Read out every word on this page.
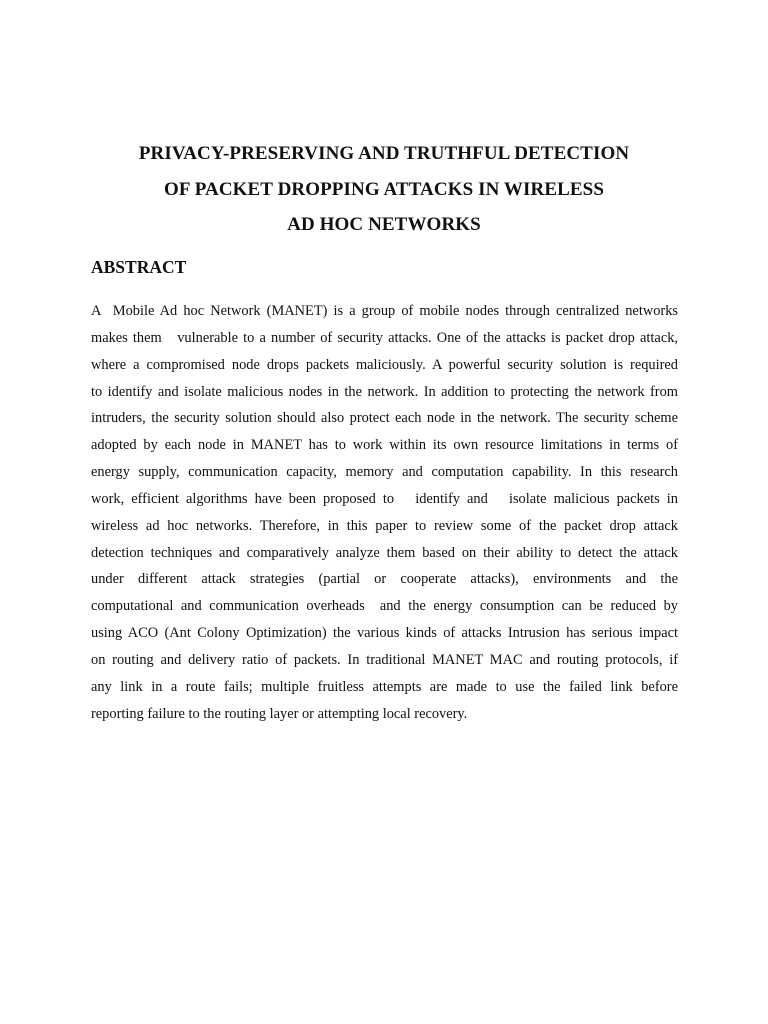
PRIVACY-PRESERVING AND TRUTHFUL DETECTION
OF PACKET DROPPING ATTACKS IN WIRELESS
AD HOC NETWORKS
ABSTRACT
A  Mobile Ad hoc Network (MANET) is a group of mobile nodes through centralized networks
makes them   vulnerable to a number of security attacks. One of the attacks is packet drop attack,
where a compromised node drops packets maliciously. A powerful security solution is required
to identify and isolate malicious nodes in the network. In addition to protecting the network from
intruders, the security solution should also protect each node in the network. The security scheme
adopted by each node in MANET has to work within its own resource limitations in terms of
energy supply, communication capacity, memory and computation capability. In this research
work, efficient algorithms have been proposed to   identify and   isolate malicious packets in
wireless ad hoc networks. Therefore, in this paper to review some of the packet drop attack
detection techniques and comparatively analyze them based on their ability to detect the attack
under different attack strategies (partial or cooperate attacks), environments and the
computational and communication overheads  and the energy consumption can be reduced by
using ACO (Ant Colony Optimization) the various kinds of attacks Intrusion has serious impact
on routing and delivery ratio of packets. In traditional MANET MAC and routing protocols, if
any link in a route fails; multiple fruitless attempts are made to use the failed link before
reporting failure to the routing layer or attempting local recovery.
